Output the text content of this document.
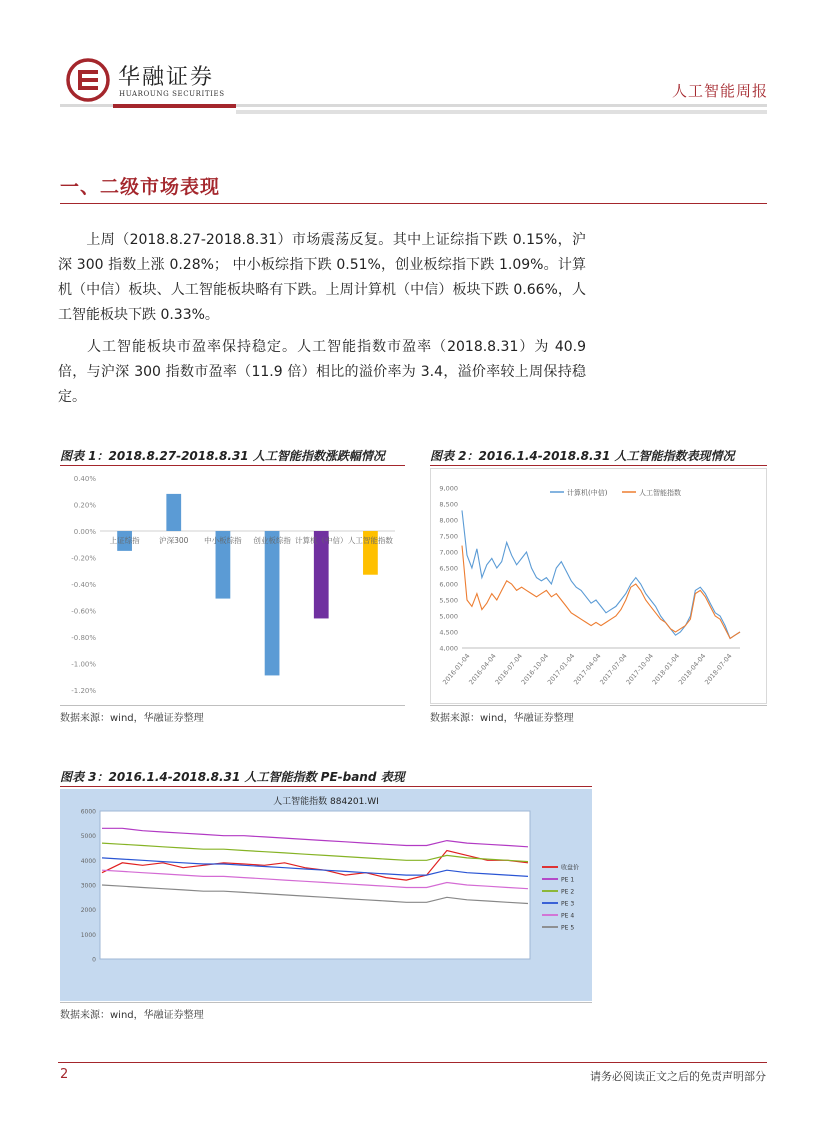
华融证券
HUAROUNG SECURITIES	人工智能周报
一、二级市场表现
上周（2018.8.27-2018.8.31）市场震荡反复。其中上证综指下跌 0.15%，沪深 300 指数上涨 0.28%； 中小板综指下跌 0.51%，创业板综指下跌 1.09%。计算机（中信）板块、人工智能板块略有下跌。上周计算机（中信）板块下跌 0.66%，人工智能板块下跌 0.33%。
人工智能板块市盈率保持稳定。人工智能指数市盈率（2018.8.31）为 40.9 倍，与沪深 300 指数市盈率（11.9 倍）相比的溢价率为 3.4，溢价率较上周保持稳定。
图表 1：2018.8.27-2018.8.31 人工智能指数涨跌幅情况
0.40%
0.20%
0.00%
-0.20%
-0.40%
-0.60%
-0.80%
-1.00%
-1.20%
上证综指	沪深300 中小板综指 创业板综指 计算机（中信） 人工智能指数
数据来源：wind，华融证券整理
图表 2：2016.1.4-2018.8.31 人工智能指数表现情况
9,000
8,500
8,000
7,500
7,000
6,500
6,000
5,500
5,000
4,500
4,000
2016-01-04
2016-04-04
2016-07-04
2016-10-04
2017-01-04
2017-04-04
2017-07-04
2017-10-04
2018-01-04
2018-04-04
2018-07-04
计算机(中信)	人工智能指数
数据来源：wind，华融证券整理
图表 3：2016.1.4-2018.8.31 人工智能指数 PE-band 表现
人工智能指数 884201.WI
6000
5000
4000
3000
2000
1000
0
收盘价
PE 1
PE 2
PE 3
PE 4
PE 5
数据来源：wind，华融证券整理
2	请务必阅读正文之后的免责声明部分
